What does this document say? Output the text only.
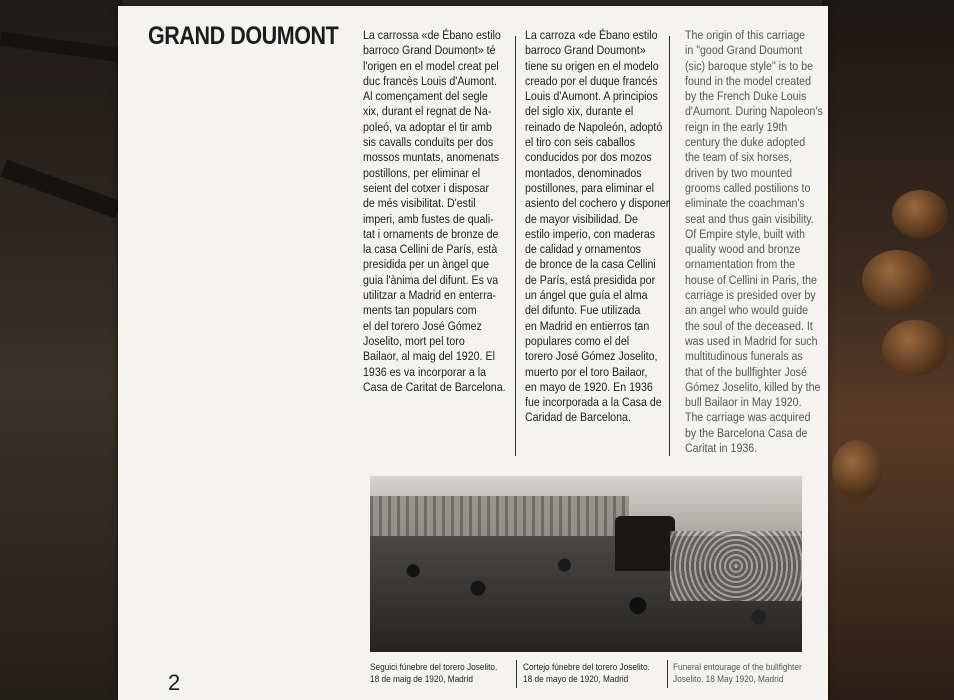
GRAND DOUMONT La carrossa «de Ébano estilo
barroco Grand Doumont» té
l'origen en el model creat pel
duc francès Louis d'Aumont.
Al començament del segle
xix, durant el regnat de Na-
poleó, va adoptar el tir amb
sis cavalls conduïts per dos
mossos muntats, anomenats
postillons, per eliminar el
seient del cotxer i disposar
de més visibilitat. D'estil
imperi, amb fustes de quali-
tat i ornaments de bronze de
la casa Cellini de París, està
presidida per un àngel que
guia l'ànima del difunt. Es va
utilitzar a Madrid en enterra-
ments tan populars com
el del torero José Gómez
Joselito, mort pel toro
Bailaor, al maig del 1920. El
1936 es va incorporar a la
Casa de Caritat de Barcelona.

La carroza «de Ébano estilo
barroco Grand Doumont»
tiene su origen en el modelo
creado por el duque francés
Louis d'Aumont. A principios
del siglo xix, durante el
reinado de Napoleón, adoptó
el tiro con seis caballos
conducidos por dos mozos
montados, denominados
postillones, para eliminar el
asiento del cochero y disponer
de mayor visibilidad. De
estilo imperio, con maderas
de calidad y ornamentos
de bronce de la casa Cellini
de París, está presidida por
un ángel que guía el alma
del difunto. Fue utilizada
en Madrid en entierros tan
populares como el del
torero José Gómez Joselito,
muerto por el toro Bailaor,
en mayo de 1920. En 1936
fue incorporada a la Casa de
Caridad de Barcelona.

The origin of this carriage
in "good Grand Doumont
(sic) baroque style" is to be
found in the model created
by the French Duke Louis
d'Aumont. During Napoleon's
reign in the early 19th
century the duke adopted
the team of six horses,
driven by two mounted
grooms called postilions to
eliminate the coachman's
seat and thus gain visibility.
Of Empire style, built with
quality wood and bronze
ornamentation from the
house of Cellini in Paris, the
carriage is presided over by
an angel who would guide
the soul of the deceased. It
was used in Madrid for such
multitudinous funerals as
that of the bullfighter José
Gómez Joselito, killed by the
bull Bailaor in May 1920.
The carriage was acquired
by the Barcelona Casa de
Caritat in 1936.

Seguici fúnebre del torero Joselito.
18 de maig de 1920, Madrid
Cortejo fúnebre del torero Joselito.
18 de mayo de 1920, Madrid
Funeral entourage of the bullfighter
Joselito. 18 May 1920, Madrid
2
